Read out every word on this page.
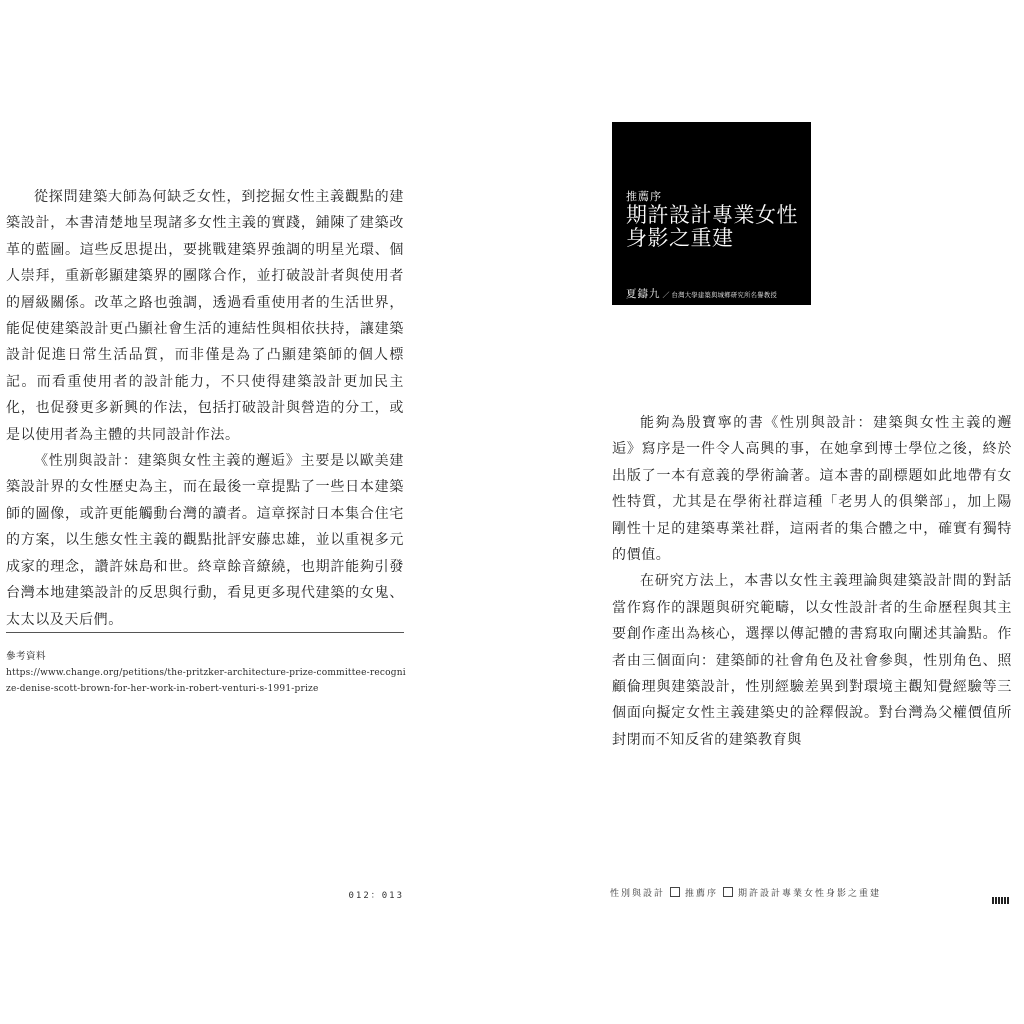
從探問建築大師為何缺乏女性，到挖掘女性主義觀點的建築設計，本書清楚地呈現諸多女性主義的實踐，鋪陳了建築改革的藍圖。這些反思提出，要挑戰建築界強調的明星光環、個人崇拜，重新彰顯建築界的團隊合作，並打破設計者與使用者的層級關係。改革之路也強調，透過看重使用者的生活世界，能促使建築設計更凸顯社會生活的連結性與相依扶持，讓建築設計促進日常生活品質，而非僅是為了凸顯建築師的個人標記。而看重使用者的設計能力，不只使得建築設計更加民主化，也促發更多新興的作法，包括打破設計與營造的分工，或是以使用者為主體的共同設計作法。

《性別與設計：建築與女性主義的邂逅》主要是以歐美建築設計界的女性歷史為主，而在最後一章提點了一些日本建築師的圖像，或許更能觸動台灣的讀者。這章探討日本集合住宅的方案，以生態女性主義的觀點批評安藤忠雄，並以重視多元成家的理念，讚許妹島和世。終章餘音繚繞，也期許能夠引發台灣本地建築設計的反思與行動，看見更多現代建築的女鬼、太太以及天后們。

參考資料
https://www.change.org/petitions/the-pritzker-architecture-prize-committee-recognize-denise-scott-brown-for-her-work-in-robert-venturi-s-1991-prize
012：013
推薦序
期許設計專業女性身影之重建
夏鑄九 ／ 台灣大學建築與城鄉研究所名譽教授

能夠為殷寶寧的書《性別與設計：建築與女性主義的邂逅》寫序是一件令人高興的事，在她拿到博士學位之後，終於出版了一本有意義的學術論著。這本書的副標題如此地帶有女性特質，尤其是在學術社群這種「老男人的俱樂部」，加上陽剛性十足的建築專業社群，這兩者的集合體之中，確實有獨特的價值。

在研究方法上，本書以女性主義理論與建築設計間的對話當作寫作的課題與研究範疇，以女性設計者的生命歷程與其主要創作產出為核心，選擇以傳記體的書寫取向闡述其論點。作者由三個面向：建築師的社會角色及社會參與，性別角色、照顧倫理與建築設計，性別經驗差異到對環境主觀知覺經驗等三個面向擬定女性主義建築史的詮釋假說。對台灣為父權價值所封閉而不知反省的建築教育與

性別與設計 推薦序 期許設計專業女性身影之重建
